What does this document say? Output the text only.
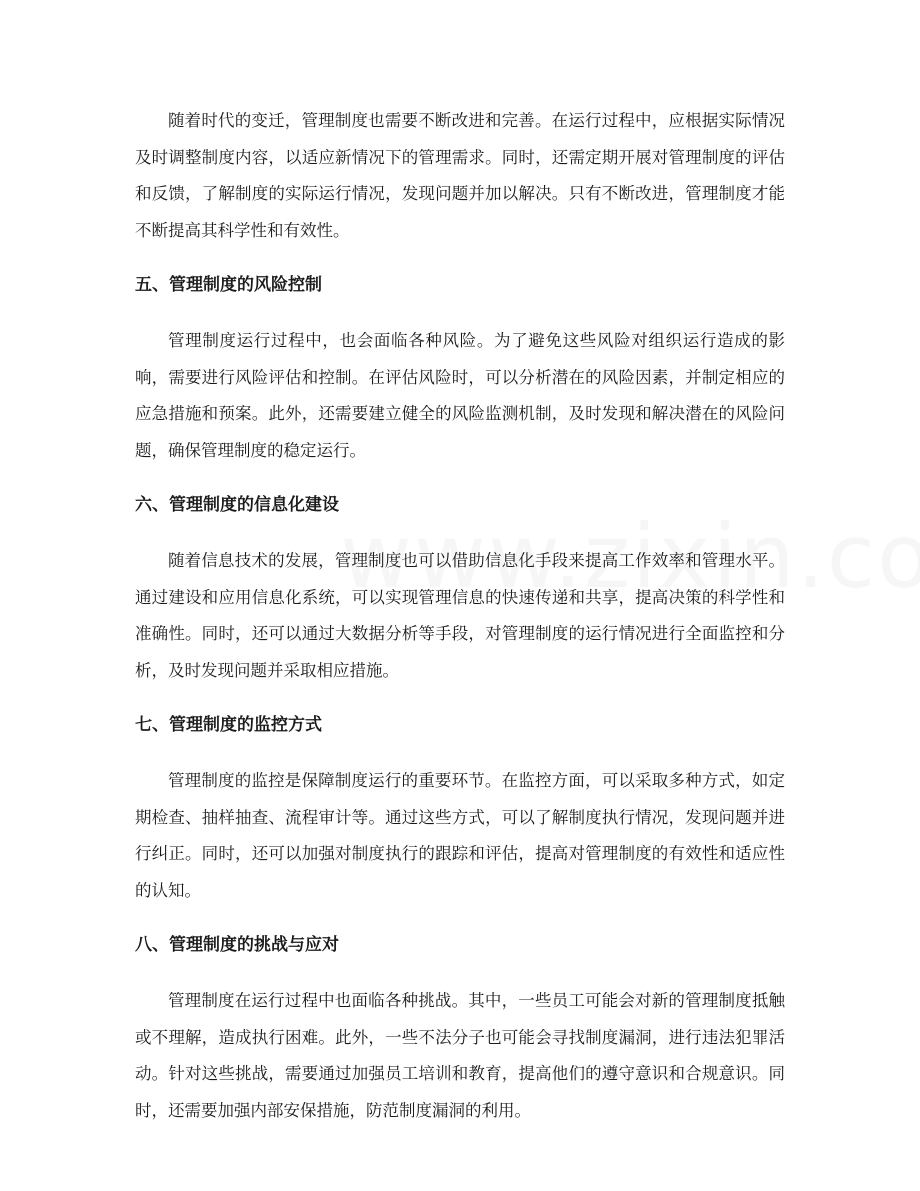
随着时代的变迁，管理制度也需要不断改进和完善。在运行过程中，应根据实际情况及时调整制度内容，以适应新情况下的管理需求。同时，还需定期开展对管理制度的评估和反馈，了解制度的实际运行情况，发现问题并加以解决。只有不断改进，管理制度才能不断提高其科学性和有效性。

五、管理制度的风险控制

管理制度运行过程中，也会面临各种风险。为了避免这些风险对组织运行造成的影响，需要进行风险评估和控制。在评估风险时，可以分析潜在的风险因素，并制定相应的应急措施和预案。此外，还需要建立健全的风险监测机制，及时发现和解决潜在的风险问题，确保管理制度的稳定运行。

六、管理制度的信息化建设

随着信息技术的发展，管理制度也可以借助信息化手段来提高工作效率和管理水平。通过建设和应用信息化系统，可以实现管理信息的快速传递和共享，提高决策的科学性和准确性。同时，还可以通过大数据分析等手段，对管理制度的运行情况进行全面监控和分析，及时发现问题并采取相应措施。

七、管理制度的监控方式

管理制度的监控是保障制度运行的重要环节。在监控方面，可以采取多种方式，如定期检查、抽样抽查、流程审计等。通过这些方式，可以了解制度执行情况，发现问题并进行纠正。同时，还可以加强对制度执行的跟踪和评估，提高对管理制度的有效性和适应性的认知。

八、管理制度的挑战与应对

管理制度在运行过程中也面临各种挑战。其中，一些员工可能会对新的管理制度抵触或不理解，造成执行困难。此外，一些不法分子也可能会寻找制度漏洞，进行违法犯罪活动。针对这些挑战，需要通过加强员工培训和教育，提高他们的遵守意识和合规意识。同时，还需要加强内部安保措施，防范制度漏洞的利用。
